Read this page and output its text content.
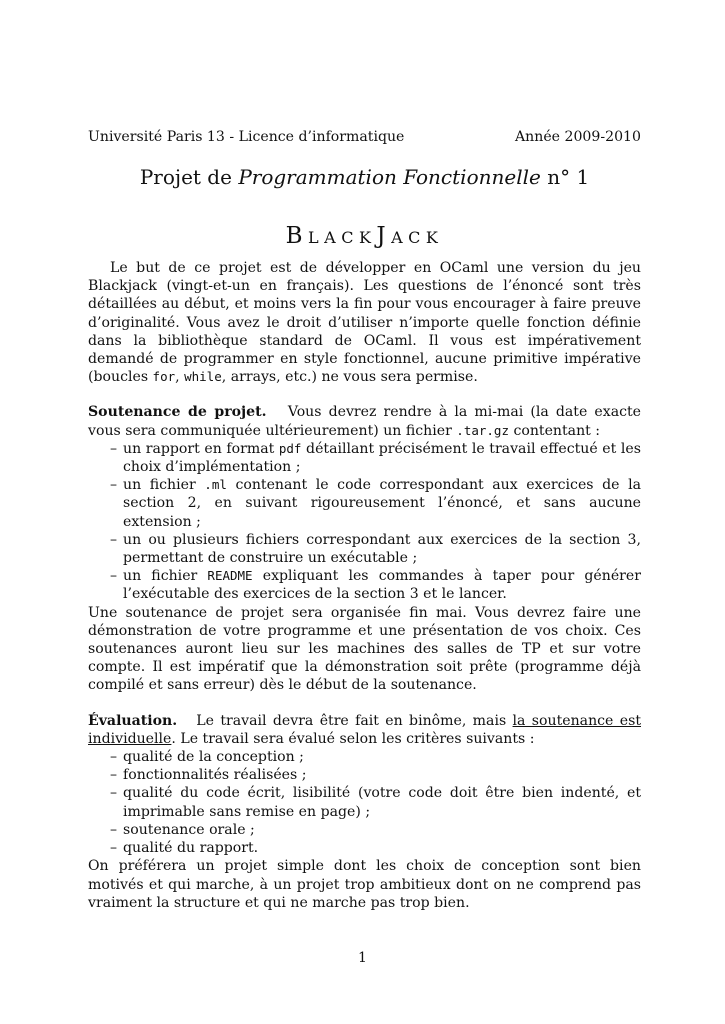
Université Paris 13 - Licence d’informatique	Année 2009-2010
Projet de Programmation Fonctionnelle n° 1
BlackJack

Le but de ce projet est de développer en OCaml une version du jeu Blackjack (vingt-et-un en français). Les questions de l’énoncé sont très détaillées au début, et moins vers la fin pour vous encourager à faire preuve d’originalité. Vous avez le droit d’utiliser n’importe quelle fonction définie dans la bibliothèque standard de OCaml. Il vous est impérativement demandé de programmer en style fonctionnel, aucune primitive impérative (boucles for, while, arrays, etc.) ne vous sera permise.

Soutenance de projet. Vous devrez rendre à la mi-mai (la date exacte vous sera communiquée ultérieurement) un fichier .tar.gz contentant :

– un rapport en format pdf détaillant précisément le travail effectué et les choix d’implémentation ;
– un fichier .ml contenant le code correspondant aux exercices de la section 2, en suivant rigoureusement l’énoncé, et sans aucune extension ;
– un ou plusieurs fichiers correspondant aux exercices de la section 3, permettant de construire un exécutable ;
– un fichier README expliquant les commandes à taper pour générer l’exécutable des exercices de la section 3 et le lancer.

Une soutenance de projet sera organisée fin mai. Vous devrez faire une démonstration de votre programme et une présentation de vos choix. Ces soutenances auront lieu sur les machines des salles de TP et sur votre compte. Il est impératif que la démonstration soit prête (programme déjà compilé et sans erreur) dès le début de la soutenance.

Évaluation. Le travail devra être fait en binôme, mais la soutenance est individuelle. Le travail sera évalué selon les critères suivants :

– qualité de la conception ;
– fonctionnalités réalisées ;
– qualité du code écrit, lisibilité (votre code doit être bien indenté, et imprimable sans remise en page) ;
– soutenance orale ;
– qualité du rapport.

On préférera un projet simple dont les choix de conception sont bien motivés et qui marche, à un projet trop ambitieux dont on ne comprend pas vraiment la structure et qui ne marche pas trop bien.

1
